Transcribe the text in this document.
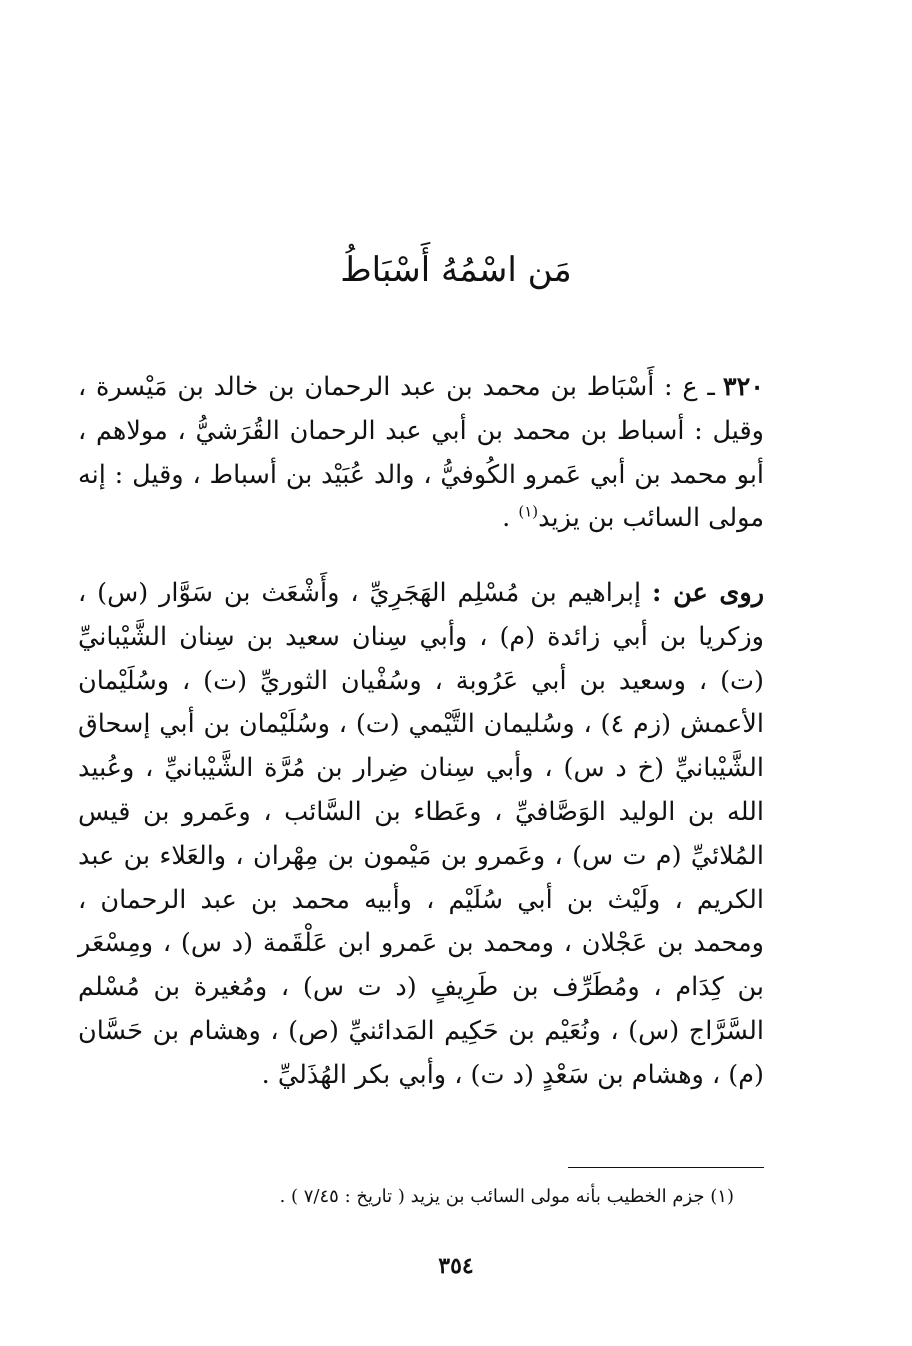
مَن اسْمُهُ أَسْبَاطُ
٣٢٠ـ ع : أَسْبَاط بن محمد بن عبد الرحمان بن خالد بن مَيْسرة ، وقيل : أسباط بن محمد بن أبي عبد الرحمان القُرَشيُّ ، مولاهم ، أبو محمد بن أبي عَمرو الكُوفيُّ ، والد عُبَيْد بن أسباط ، وقيل : إنه مولى السائب بن يزيد$^{(١)}$ .
روى عن : إبراهيم بن مُسْلِم الهَجَرِيِّ ، وأَشْعَث بن سَوَّار (س) ، وزكريا بن أبي زائدة (م) ، وأبي سِنان سعيد بن سِنان الشَّيْبانيِّ (ت) ، وسعيد بن أبي عَرُوبة ، وسُفْيان الثوريِّ (ت) ، وسُلَيْمان الأعمش (زم ٤) ، وسُليمان التَّيْمي (ت) ، وسُلَيْمان بن أبي إسحاق الشَّيْبانيِّ (خ د س) ، وأبي سِنان ضِرار بن مُرَّة الشَّيْبانيِّ ، وعُبيد الله بن الوليد الوَصَّافيِّ ، وعَطاء بن السَّائب ، وعَمرو بن قيس المُلائيِّ (م ت س) ، وعَمرو بن مَيْمون بن مِهْران ، والعَلاء بن عبد الكريم ، ولَيْث بن أبي سُلَيْم ، وأبيه محمد بن عبد الرحمان ، ومحمد بن عَجْلان ، ومحمد بن عَمرو ابن عَلْقَمة (د س) ، ومِسْعَر بن كِدَام ، ومُطَرِّف بن طَرِيفٍ (د ت س) ، ومُغيرة بن مُسْلم السَّرَّاج (س) ، ونُعَيْم بن حَكِيم المَدائنيِّ (ص) ، وهشام بن حَسَّان (م) ، وهشام بن سَعْدٍ (د ت) ، وأبي بكر الهُذَليِّ .
(١) جزم الخطيب بأنه مولى السائب بن يزيد ( تاريخ : ٧/٤٥ ) .
٣٥٤
